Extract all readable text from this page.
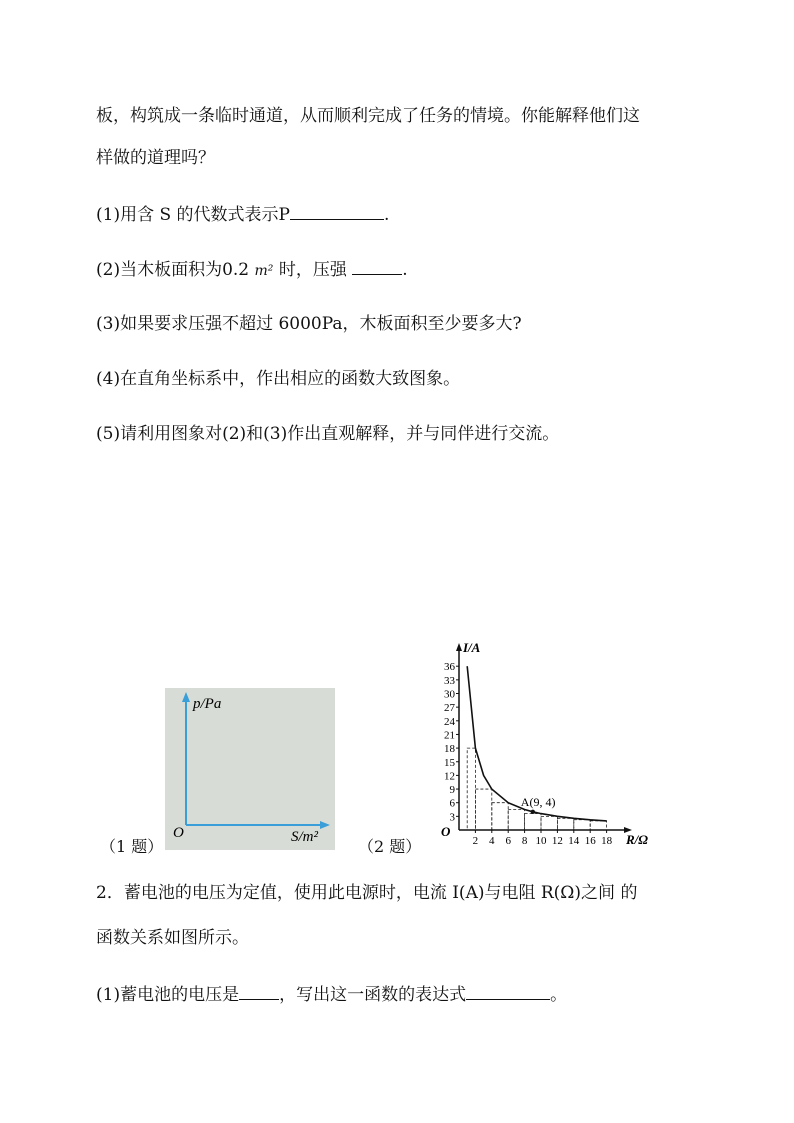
板，构筑成一条临时通道，从而顺利完成了任务的情境。你能解释他们这
样做的道理吗？
(1)用含 S 的代数式表示P	.
(2)当木板面积为0.2 m² 时，压强	.
(3)如果要求压强不超过 6000Pa，木板面积至少要多大?
(4)在直角坐标系中，作出相应的函数大致图象。
(5)请利用图象对(2)和(3)作出直观解释，并与同伴进行交流。
（1 题）
p/Pa
O	S/m²	（2 题）
3
6
9
12
15
18
21
24
27
30
33
36
2 4 6 8 10 12 14 16 18
A(9, 4)
I/A
O
R/Ω
2．蓄电池的电压为定值，使用此电源时，电流 I(A)与电阻 R(Ω)之间 的
函数关系如图所示。
(1)蓄电池的电压是 ，写出这一函数的表达式	。
